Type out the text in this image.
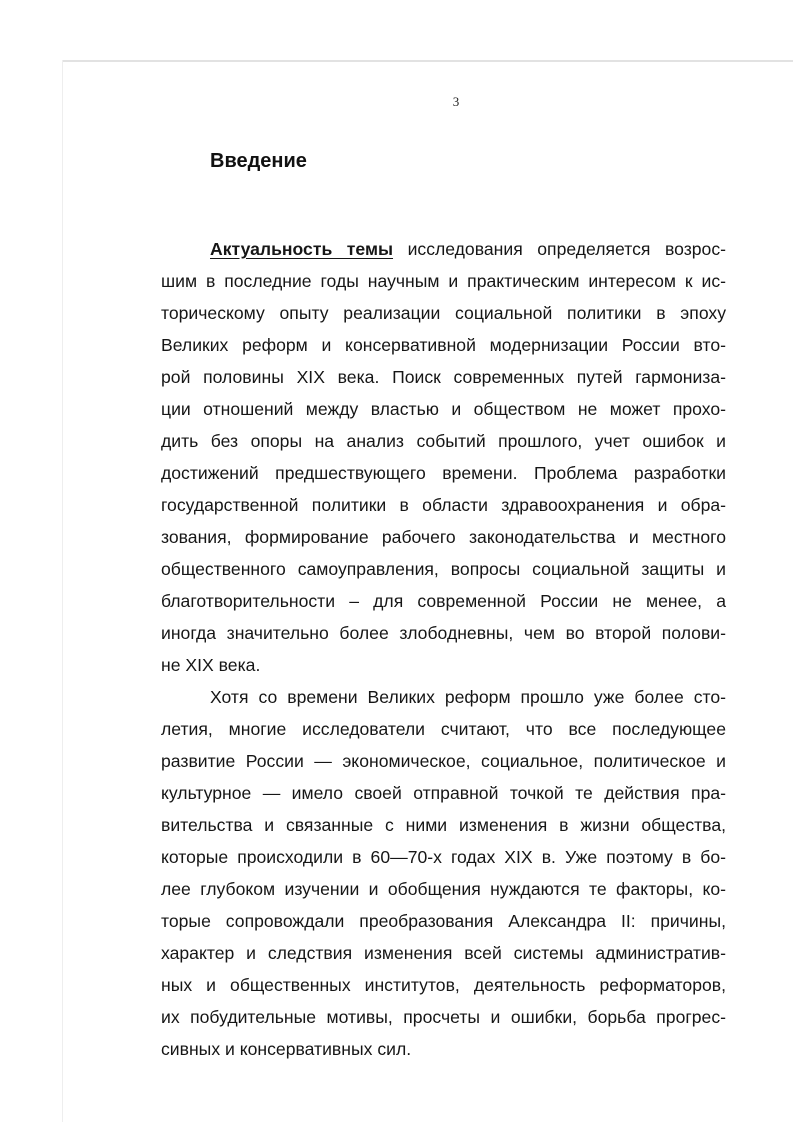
3
Введение
Актуальность темы исследования определяется возрос-
шим в последние годы научным и практическим интересом к ис-
торическому опыту реализации социальной политики в эпоху
Великих реформ и консервативной модернизации России вто-
рой половины XIX века. Поиск современных путей гармониза-
ции отношений между властью и обществом не может прохо-
дить без опоры на анализ событий прошлого, учет ошибок и
достижений предшествующего времени. Проблема разработки
государственной политики в области здравоохранения и обра-
зования, формирование рабочего законодательства и местного
общественного самоуправления, вопросы социальной защиты и
благотворительности – для современной России не менее, а
иногда значительно более злободневны, чем во второй полови-
не XIX века.
Хотя со времени Великих реформ прошло уже более сто-
летия, многие исследователи считают, что все последующее
развитие России — экономическое, социальное, политическое и
культурное — имело своей отправной точкой те действия пра-
вительства и связанные с ними изменения в жизни общества,
которые происходили в 60—70-х годах XIX в. Уже поэтому в бо-
лее глубоком изучении и обобщения нуждаются те факторы, ко-
торые сопровождали преобразования Александра II: причины,
характер и следствия изменения всей системы административ-
ных и общественных институтов, деятельность реформаторов,
их побудительные мотивы, просчеты и ошибки, борьба прогрес-
сивных и консервативных сил.
